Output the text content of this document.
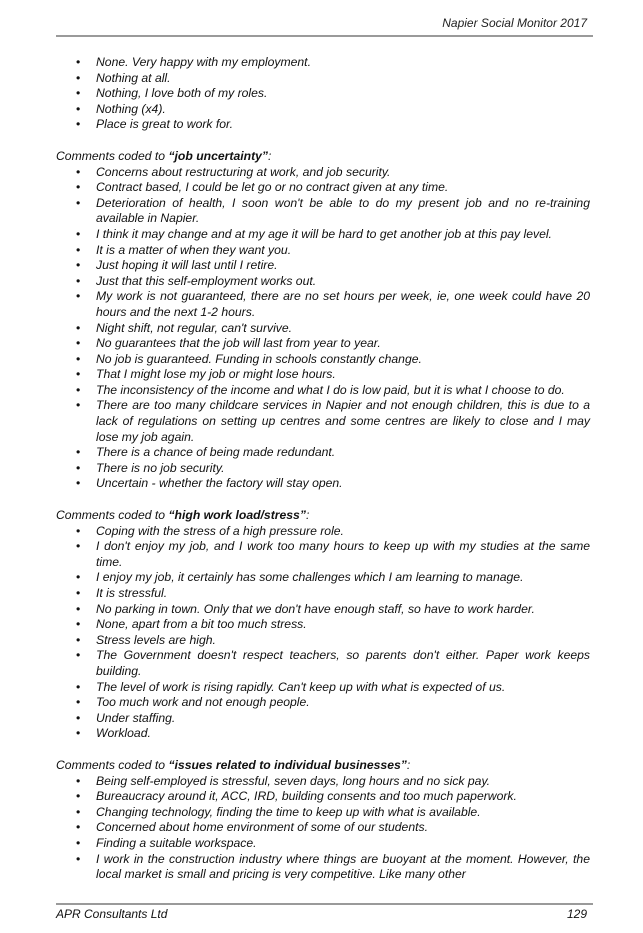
Napier Social Monitor 2017
• None. Very happy with my employment.
• Nothing at all.
• Nothing, I love both of my roles.
• Nothing (x4).
• Place is great to work for.
Comments coded to “job uncertainty”:
• Concerns about restructuring at work, and job security.
• Contract based, I could be let go or no contract given at any time.
• Deterioration of health, I soon won't be able to do my present job and no re-training available in Napier.
• I think it may change and at my age it will be hard to get another job at this pay level.
• It is a matter of when they want you.
• Just hoping it will last until I retire.
• Just that this self-employment works out.
• My work is not guaranteed, there are no set hours per week, ie, one week could have 20 hours and the next 1-2 hours.
• Night shift, not regular, can't survive.
• No guarantees that the job will last from year to year.
• No job is guaranteed. Funding in schools constantly change.
• That I might lose my job or might lose hours.
• The inconsistency of the income and what I do is low paid, but it is what I choose to do.
• There are too many childcare services in Napier and not enough children, this is due to a lack of regulations on setting up centres and some centres are likely to close and I may lose my job again.
• There is a chance of being made redundant.
• There is no job security.
• Uncertain - whether the factory will stay open.
Comments coded to “high work load/stress”:
• Coping with the stress of a high pressure role.
• I don't enjoy my job, and I work too many hours to keep up with my studies at the same time.
• I enjoy my job, it certainly has some challenges which I am learning to manage.
• It is stressful.
• No parking in town. Only that we don't have enough staff, so have to work harder.
• None, apart from a bit too much stress.
• Stress levels are high.
• The Government doesn't respect teachers, so parents don't either. Paper work keeps building.
• The level of work is rising rapidly. Can't keep up with what is expected of us.
• Too much work and not enough people.
• Under staffing.
• Workload.
Comments coded to “issues related to individual businesses”:
• Being self-employed is stressful, seven days, long hours and no sick pay.
• Bureaucracy around it, ACC, IRD, building consents and too much paperwork.
• Changing technology, finding the time to keep up with what is available.
• Concerned about home environment of some of our students.
• Finding a suitable workspace.
• I work in the construction industry where things are buoyant at the moment. However, the local market is small and pricing is very competitive. Like many other
APR Consultants Ltd	129
